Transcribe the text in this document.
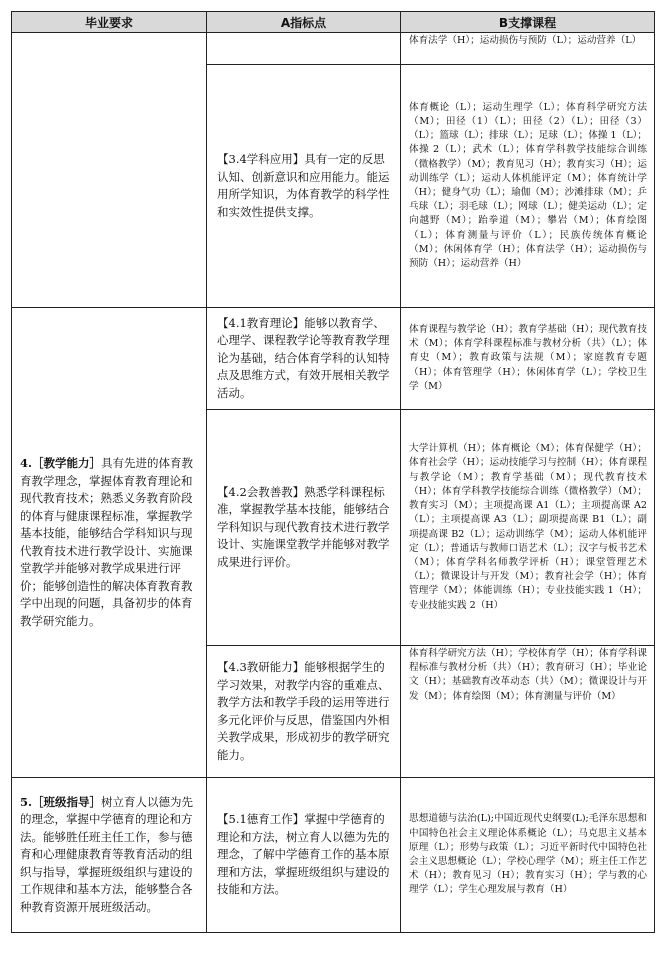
毕业要求	A指标点	B支撑课程
		体育法学（H）；运动损伤与预防（L）；运动营养（L）
	【3.4学科应用】具有一定的反思认知、创新意识和应用能力。能运用所学知识，为体育教学的科学性和实效性提供支撑。	体育概论（L）；运动生理学（L）；体育科学研究方法（M）；田径（1）（L）；田径（2）（L）；田径（3）（L）；篮球（L）；排球（L）；足球（L）；体操 1（L）；体操 2（L）；武术（L）；体育学科教学技能综合训练（微格教学）（M）；教育见习（H）；教育实习（H）；运动训练学（L）；运动人体机能评定（M）；体育统计学（H）；健身气功（L）；瑜伽（M）；沙滩排球（M）；乒乓球（L）；羽毛球（L）；网球（L）；健美运动（L）；定向越野（M）；跆拳道（M）；攀岩（M）；体育绘图（L）；体育测量与评价（L）；民族传统体育概论（M）；休闲体育学（H）；体育法学（H）；运动损伤与预防（H）；运动营养（H）
4.［教学能力］具有先进的体育教育教学理念，掌握体育教育理论和现代教育技术；熟悉义务教育阶段的体育与健康课程标准，掌握教学基本技能，能够结合学科知识与现代教育技术进行教学设计、实施课堂教学并能够对教学成果进行评价；能够创造性的解决体育教育教学中出现的问题，具备初步的体育教学研究能力。	【4.1教育理论】能够以教育学、心理学、课程教学论等教育教学理论为基础，结合体育学科的认知特点及思维方式，有效开展相关教学活动。	体育课程与教学论（H）；教育学基础（H）；现代教育技术（M）；体育学科课程标准与教材分析（共）（L）；体育史（M）；教育政策与法规（M）；家庭教育专题（H）；体育管理学（H）；休闲体育学（L）；学校卫生学（M）
	【4.2会教善教】熟悉学科课程标准，掌握教学基本技能，能够结合学科知识与现代教育技术进行教学设计、实施课堂教学并能够对教学成果进行评价。	大学计算机（H）；体育概论（M）；体育保健学（H）；体育社会学（H）；运动技能学习与控制（H）；体育课程与教学论（M）；教育学基础（M）；现代教育技术（H）；体育学科教学技能综合训练（微格教学）（M）；教育实习（M）；主项提高课 A1（L）；主项提高课 A2（L）；主项提高课 A3（L）；副项提高课 B1（L）；副项提高课 B2（L）；运动训练学（M）；运动人体机能评定（L）；普通话与教师口语艺术（L）；汉字与板书艺术（M）；体育学科名师教学评析（H）；课堂管理艺术（L）；微课设计与开发（M）；教育社会学（H）；体育管理学（M）；体能训练（H）；专业技能实践 1（H）；专业技能实践 2（H）
	【4.3教研能力】能够根据学生的学习效果，对教学内容的重难点、教学方法和教学手段的运用等进行多元化评价与反思，借鉴国内外相关教学成果，形成初步的教学研究能力。	体育科学研究方法（H）；学校体育学（H）；体育学科课程标准与教材分析（共）（H）；教育研习（H）；毕业论文（H）；基础教育改革动态（共）（M）；微课设计与开发（M）；体育绘图（M）；体育测量与评价（M）
5.［班级指导］树立育人以德为先的理念，掌握中学德育的理论和方法。能够胜任班主任工作，参与德育和心理健康教育等教育活动的组织与指导，掌握班级组织与建设的工作规律和基本方法，能够整合各种教育资源开展班级活动。	【5.1德育工作】掌握中学德育的理论和方法，树立育人以德为先的理念，了解中学德育工作的基本原理和方法，掌握班级组织与建设的技能和方法。	思想道德与法治(L);中国近现代史纲要(L);毛泽东思想和中国特色社会主义理论体系概论（L）；马克思主义基本原理（L）；形势与政策（L）；习近平新时代中国特色社会主义思想概论（L）；学校心理学（M）；班主任工作艺术（H）；教育见习（H）；教育实习（H）；学与教的心理学（L）；学生心理发展与教育（H）
